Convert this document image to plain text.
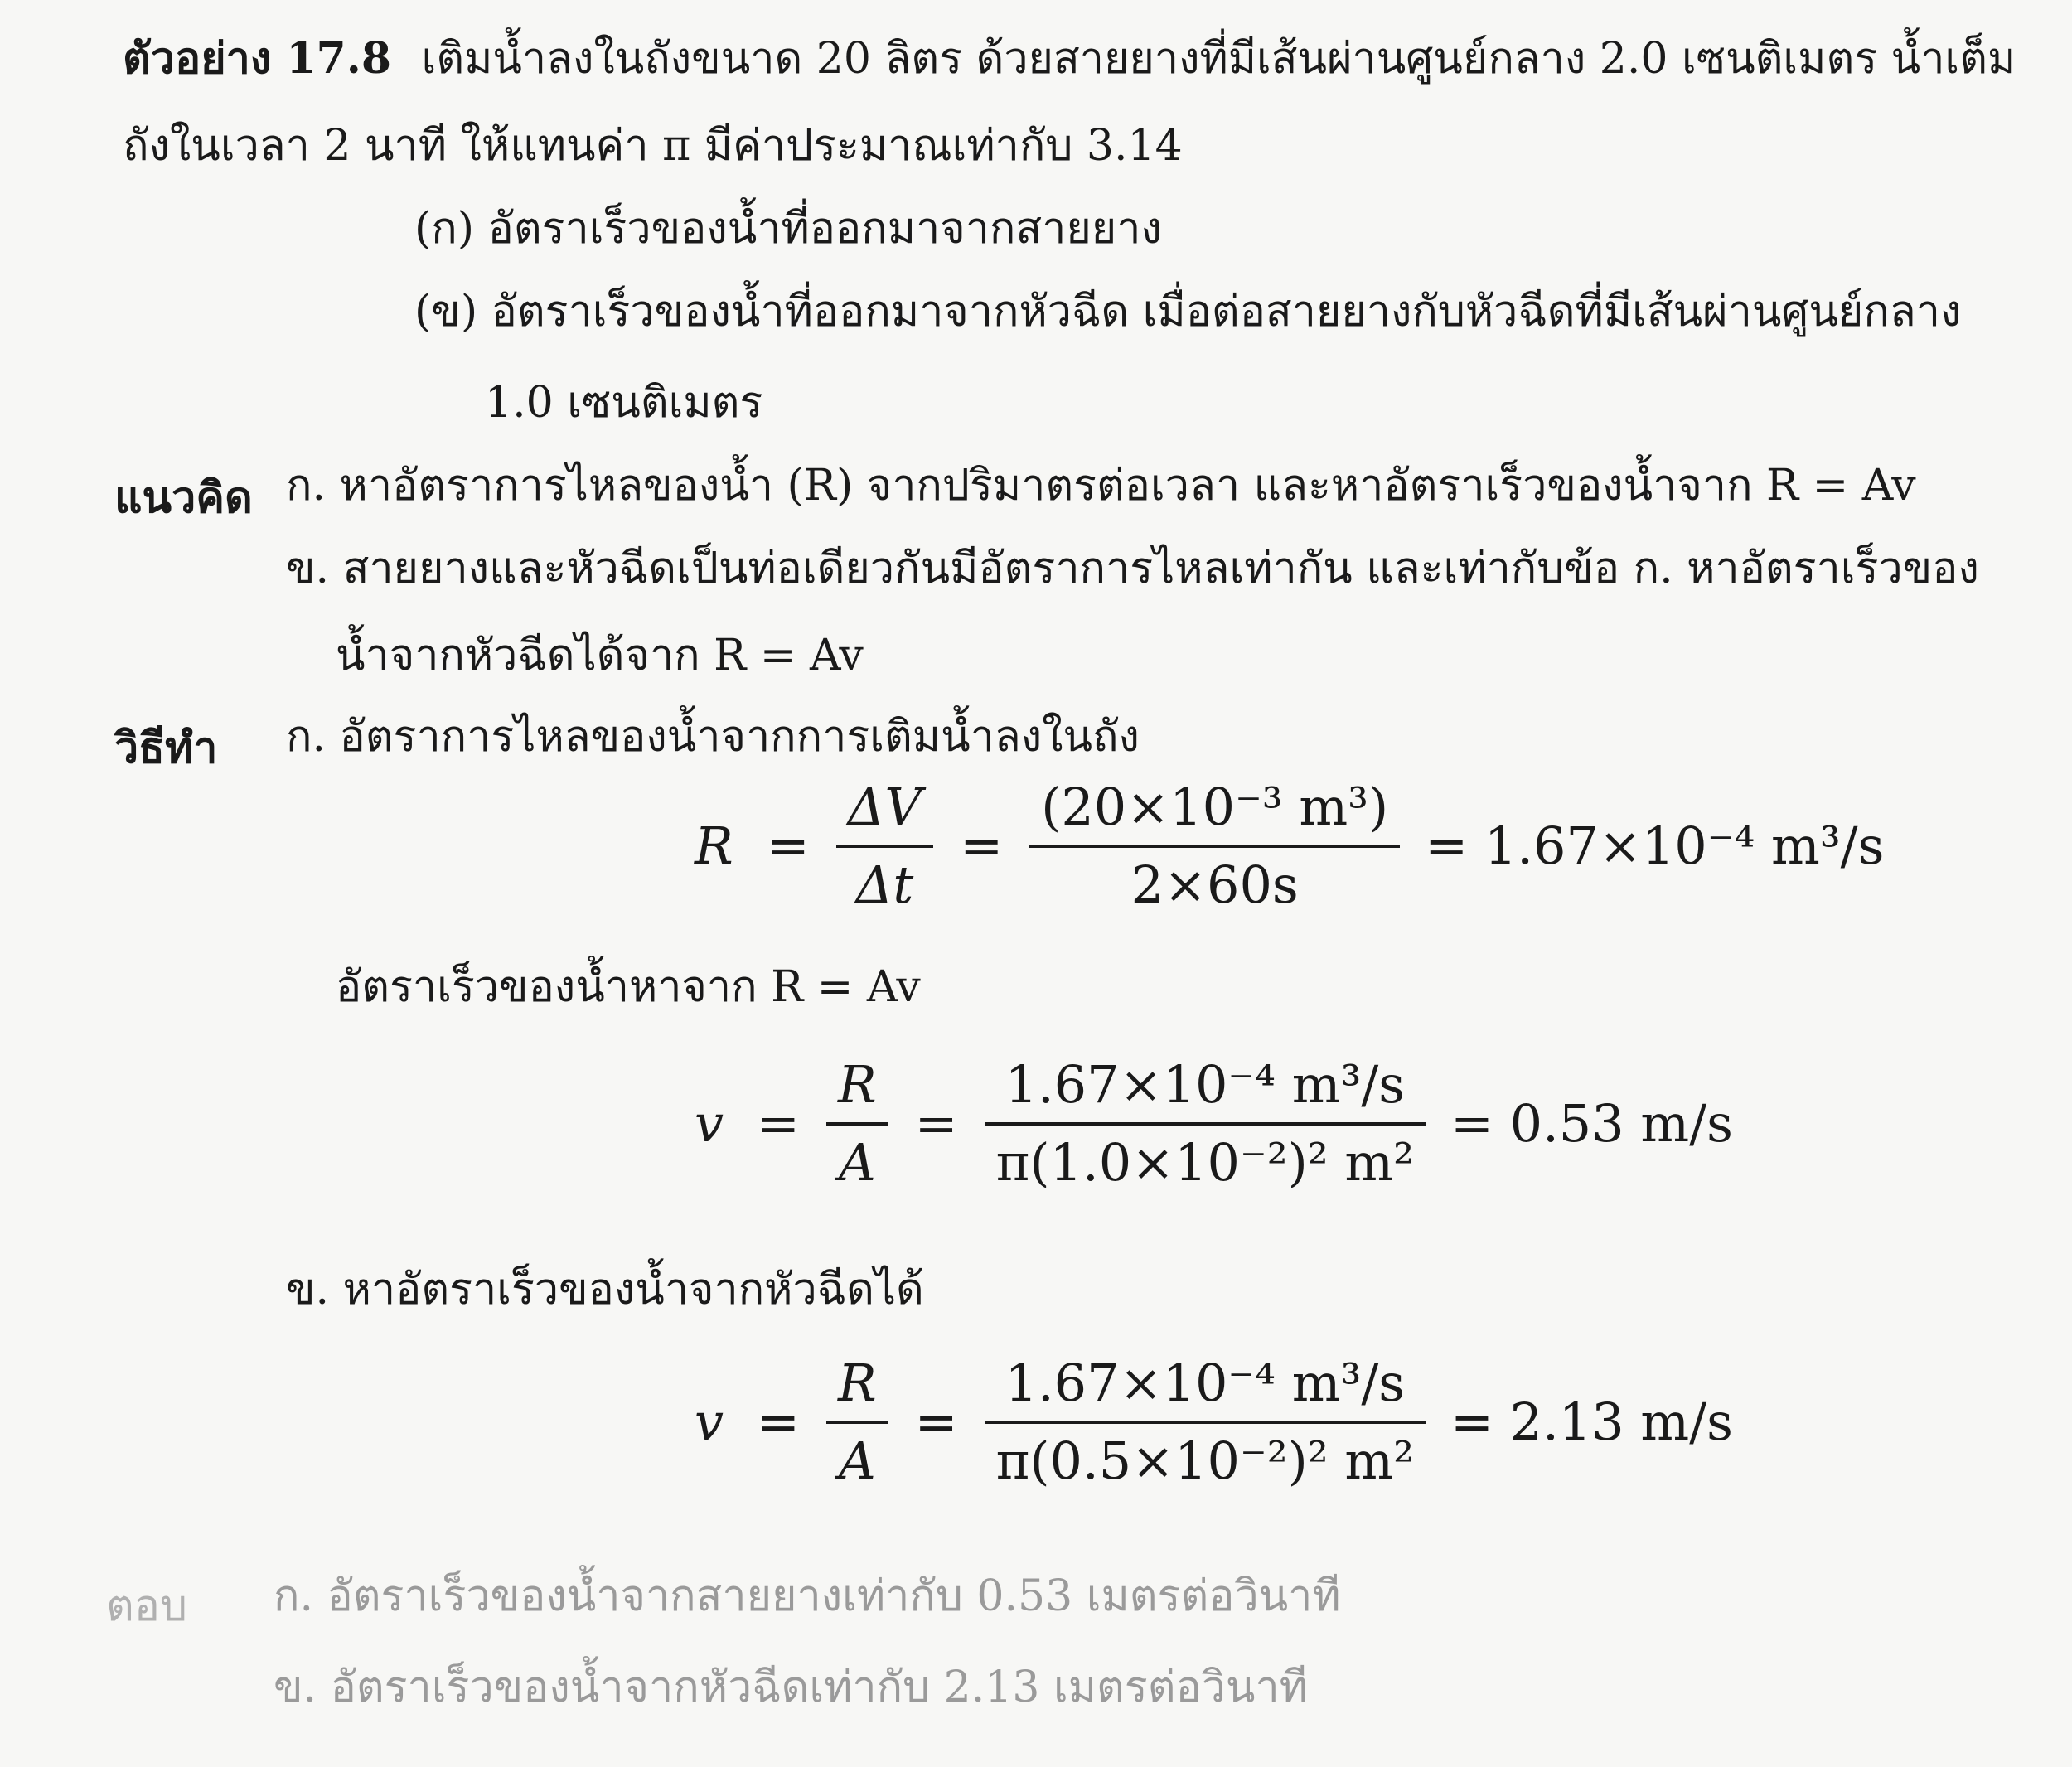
ตัวอย่าง 17.8 เติมน้ำลงในถังขนาด 20 ลิตร ด้วยสายยางที่มีเส้นผ่านศูนย์กลาง 2.0 เซนติเมตร น้ำเต็ม
ถังในเวลา 2 นาที ให้แทนค่า π มีค่าประมาณเท่ากับ 3.14
(ก) อัตราเร็วของน้ำที่ออกมาจากสายยาง
(ข) อัตราเร็วของน้ำที่ออกมาจากหัวฉีด เมื่อต่อสายยางกับหัวฉีดที่มีเส้นผ่านศูนย์กลาง
1.0 เซนติเมตร
แนวคิด ก. หาอัตราการไหลของน้ำ (R) จากปริมาตรต่อเวลา และหาอัตราเร็วของน้ำจาก R = Av
ข. สายยางและหัวฉีดเป็นท่อเดียวกันมีอัตราการไหลเท่ากัน และเท่ากับข้อ ก. หาอัตราเร็วของ
น้ำจากหัวฉีดได้จาก R = Av
วิธีทำ ก. อัตราการไหลของน้ำจากการเติมน้ำลงในถัง
$R = \frac{\Delta V}{\Delta t} = \frac{\text{(20×10⁻³ m³)}}{2\times 60s} = 1.67\times 10^{-4}$ m³/s
อัตราเร็วของน้ำหาจาก R = Av
$v = \frac{R}{A} = \frac{\text{1.67×10⁻⁴ m³/s}}{\text{π(1.0×10⁻²)² m²}} = 0.53$ m/s
ข. หาอัตราเร็วของน้ำจากหัวฉีดได้
$v = \frac{R}{A} = \frac{\text{1.67×10⁻⁴ m³/s}}{\text{π(0.5×10⁻²)² m²}} = 2.13$ m/s
ตอบ ก. อัตราเร็วของน้ำจากสายยางเท่ากับ 0.53 เมตรต่อวินาที
ข. อัตราเร็วของน้ำจากหัวฉีดเท่ากับ 2.13 เมตรต่อวินาที
